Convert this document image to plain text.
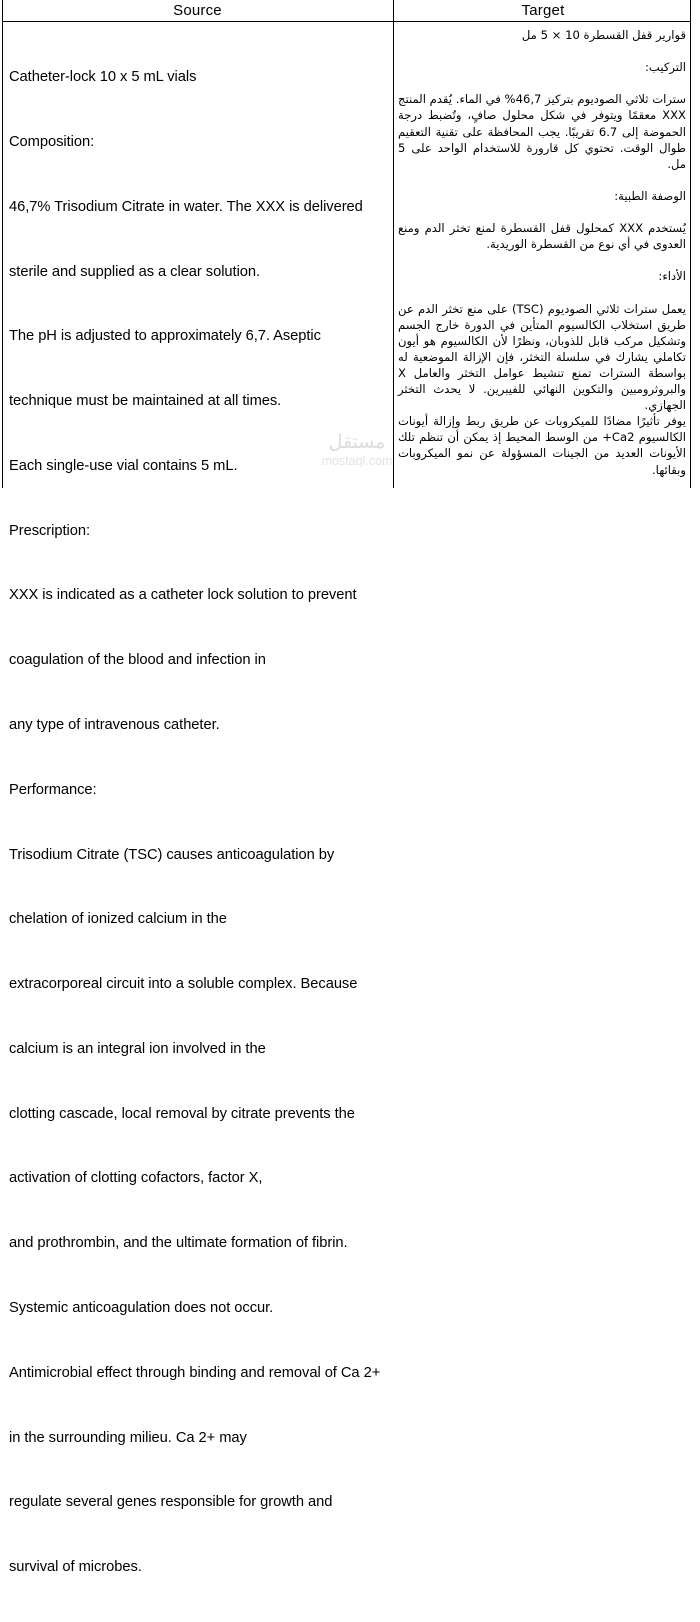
Source	Target

Catheter-lock 10 x 5 mL vials

Composition:

46,7% Trisodium Citrate in water. The XXX is delivered

sterile and supplied as a clear solution.

The pH is adjusted to approximately 6,7. Aseptic

technique must be maintained at all times.

Each single-use vial contains 5 mL.

Prescription:

XXX is indicated as a catheter lock solution to prevent

coagulation of the blood and infection in

any type of intravenous catheter.

Performance:

Trisodium Citrate (TSC) causes anticoagulation by

chelation of ionized calcium in the

extracorporeal circuit into a soluble complex. Because

calcium is an integral ion involved in the

clotting cascade, local removal by citrate prevents the

activation of clotting cofactors, factor X,

and prothrombin, and the ultimate formation of fibrin.

Systemic anticoagulation does not occur.

Antimicrobial effect through binding and removal of Ca 2+

in the surrounding milieu. Ca 2+ may

regulate several genes responsible for growth and

survival of microbes.

قوارير قفل القسطرة 10 × 5 مل

التركيب:

سترات ثلاثي الصوديوم بتركيز 46,7% في الماء. يُقدم المنتج XXX معقمًا ويتوفر في شكل محلول صافٍ، وتُضبط درجة الحموضة إلى 6.7 تقريبًا. يجب المحافظة على تقنية التعقيم طوال الوقت. تحتوي كل قارورة للاستخدام الواحد على 5 مل.

الوصفة الطبية:

يُستخدم XXX كمحلول قفل القسطرة لمنع تخثر الدم ومنع العدوى في أي نوع من القسطرة الوريدية.

الأداء:

يعمل سترات ثلاثي الصوديوم (TSC) على منع تخثر الدم عن طريق استخلاب الكالسيوم المتأين في الدورة خارج الجسم وتشكيل مركب قابل للذوبان، ونظرًا لأن الكالسيوم هو أيون تكاملي يشارك في سلسلة التخثر، فإن الإزالة الموضعية له بواسطة السترات تمنع تنشيط عوامل التخثر والعامل X والبروثرومبين والتكوين النهائي للفيبرين. لا يحدث التخثر الجهازي.

يوفر تأثيرًا مضادًا للميكروبات عن طريق ربط وإزالة أيونات الكالسيوم Ca2+ من الوسط المحيط إذ يمكن أن تنظم تلك الأيونات العديد من الجينات المسؤولة عن نمو الميكروبات وبقائها.

مستقل
mostaql.com
